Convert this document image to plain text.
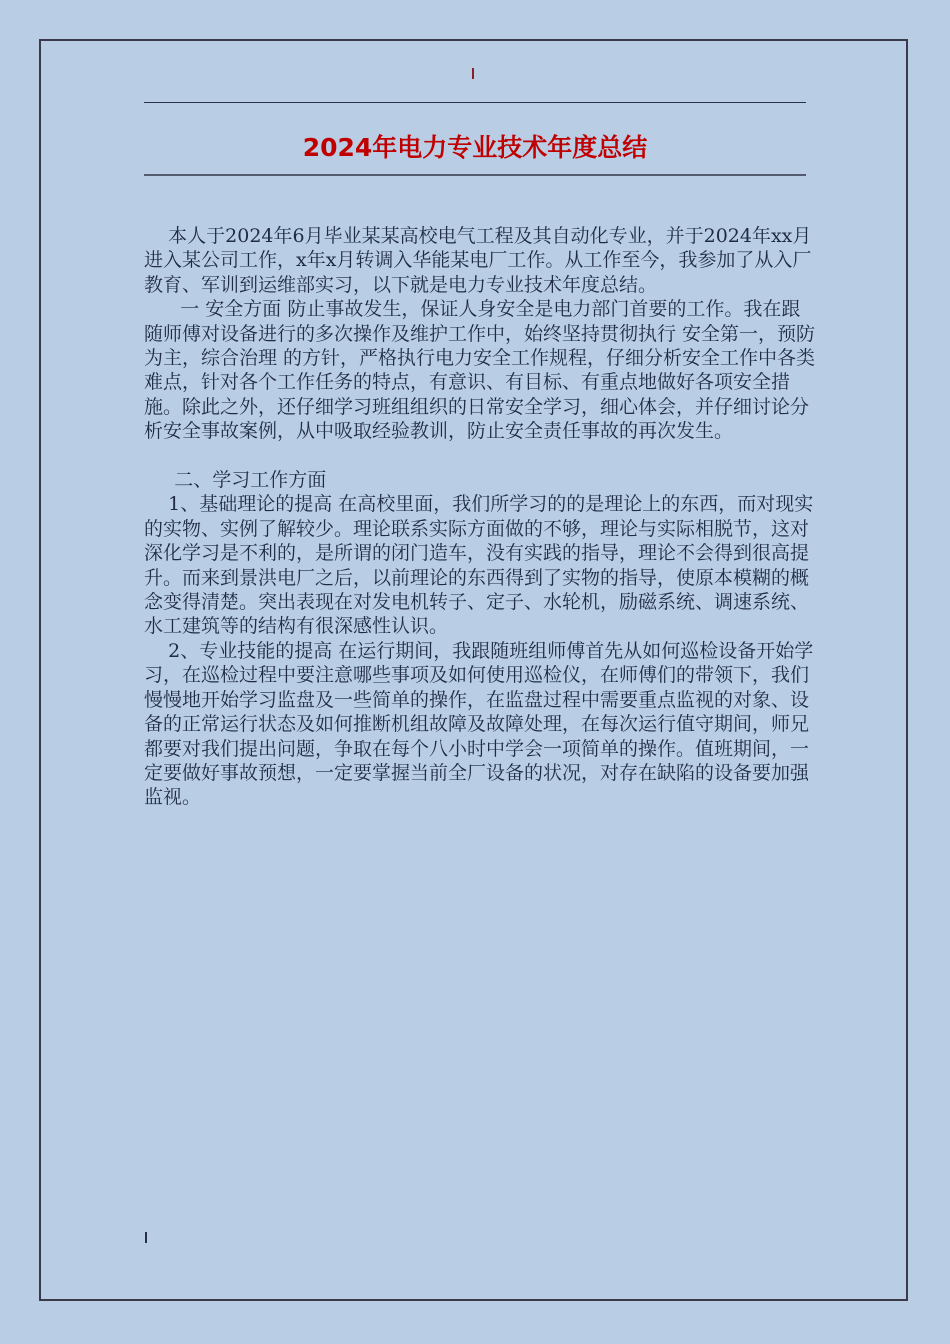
2024年电力专业技术年度总结

本人于2024年6月毕业某某高校电气工程及其自动化专业，并于2024年xx月进入某公司工作，x年x月转调入华能某电厂工作。从工作至今，我参加了从入厂教育、军训到运维部实习，以下就是电力专业技术年度总结。

一 安全方面 防止事故发生，保证人身安全是电力部门首要的工作。我在跟随师傅对设备进行的多次操作及维护工作中，始终坚持贯彻执行 安全第一，预防为主，综合治理 的方针，严格执行电力安全工作规程，仔细分析安全工作中各类难点，针对各个工作任务的特点，有意识、有目标、有重点地做好各项安全措施。除此之外，还仔细学习班组组织的日常安全学习，细心体会，并仔细讨论分析安全事故案例，从中吸取经验教训，防止安全责任事故的再次发生。

二、学习工作方面

1、基础理论的提高 在高校里面，我们所学习的的是理论上的东西，而对现实的实物、实例了解较少。理论联系实际方面做的不够，理论与实际相脱节，这对深化学习是不利的，是所谓的闭门造车，没有实践的指导，理论不会得到很高提升。而来到景洪电厂之后，以前理论的东西得到了实物的指导，使原本模糊的概念变得清楚。突出表现在对发电机转子、定子、水轮机，励磁系统、调速系统、水工建筑等的结构有很深感性认识。

2、专业技能的提高 在运行期间，我跟随班组师傅首先从如何巡检设备开始学习，在巡检过程中要注意哪些事项及如何使用巡检仪，在师傅们的带领下，我们慢慢地开始学习监盘及一些简单的操作，在监盘过程中需要重点监视的对象、设备的正常运行状态及如何推断机组故障及故障处理，在每次运行值守期间，师兄都要对我们提出问题，争取在每个八小时中学会一项简单的操作。值班期间，一定要做好事故预想，一定要掌握当前全厂设备的状况，对存在缺陷的设备要加强监视。
